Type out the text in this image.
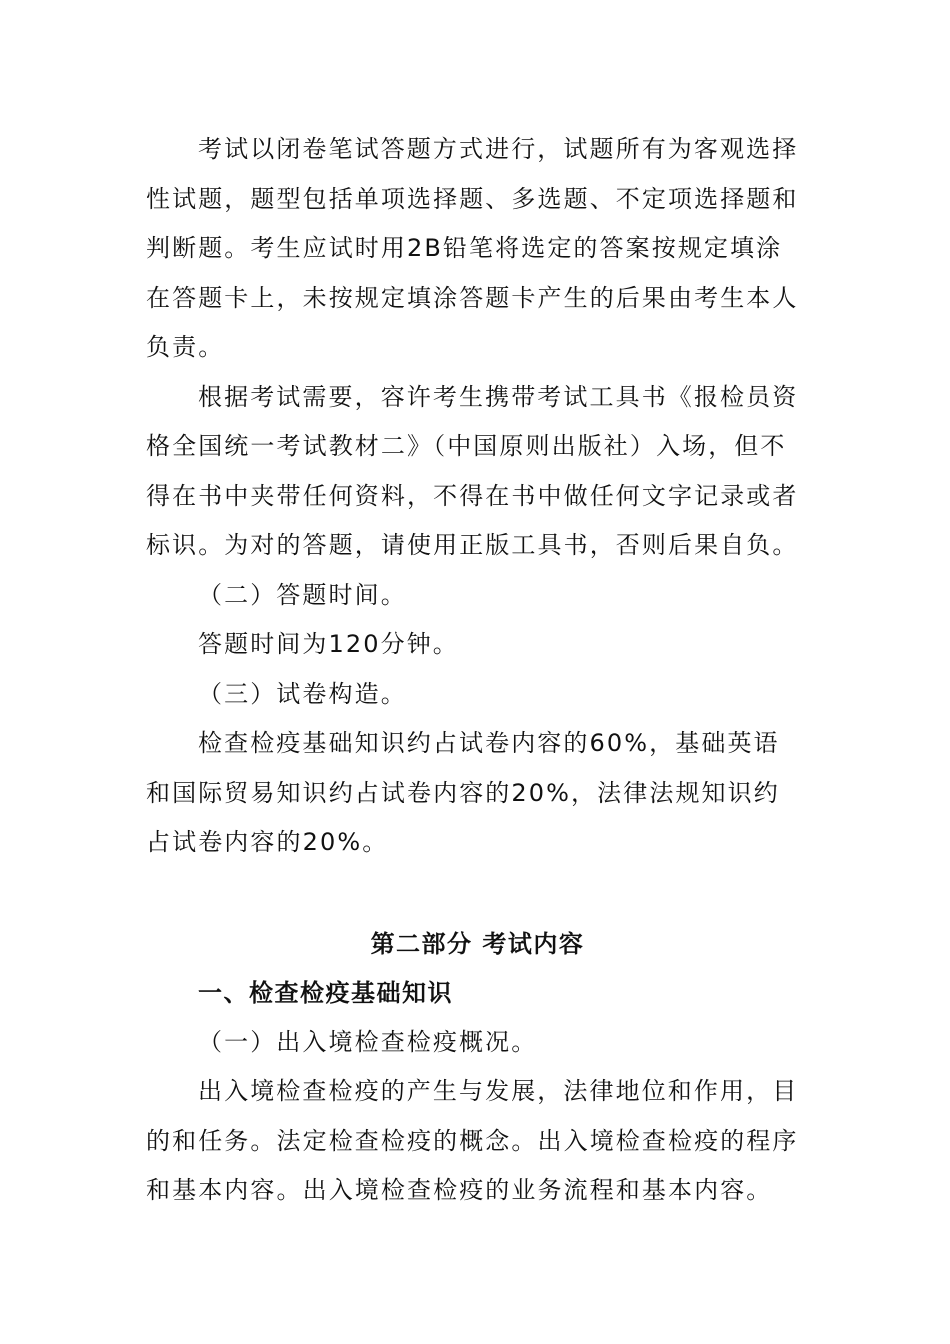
考试以闭卷笔试答题方式进行，试题所有为客观选择性试题，题型包括单项选择题、多选题、不定项选择题和判断题。考生应试时用2B铅笔将选定的答案按规定填涂在答题卡上，未按规定填涂答题卡产生的后果由考生本人负责。

根据考试需要，容许考生携带考试工具书《报检员资格全国统一考试教材二》（中国原则出版社）入场，但不得在书中夹带任何资料，不得在书中做任何文字记录或者标识。为对的答题，请使用正版工具书，否则后果自负。

（二）答题时间。

答题时间为120分钟。

（三）试卷构造。

检查检疫基础知识约占试卷内容的60%，基础英语和国际贸易知识约占试卷内容的20%，法律法规知识约占试卷内容的20%。

第二部分 考试内容
一、检查检疫基础知识

（一）出入境检查检疫概况。

出入境检查检疫的产生与发展，法律地位和作用，目的和任务。法定检查检疫的概念。出入境检查检疫的程序和基本内容。出入境检查检疫的业务流程和基本内容。
